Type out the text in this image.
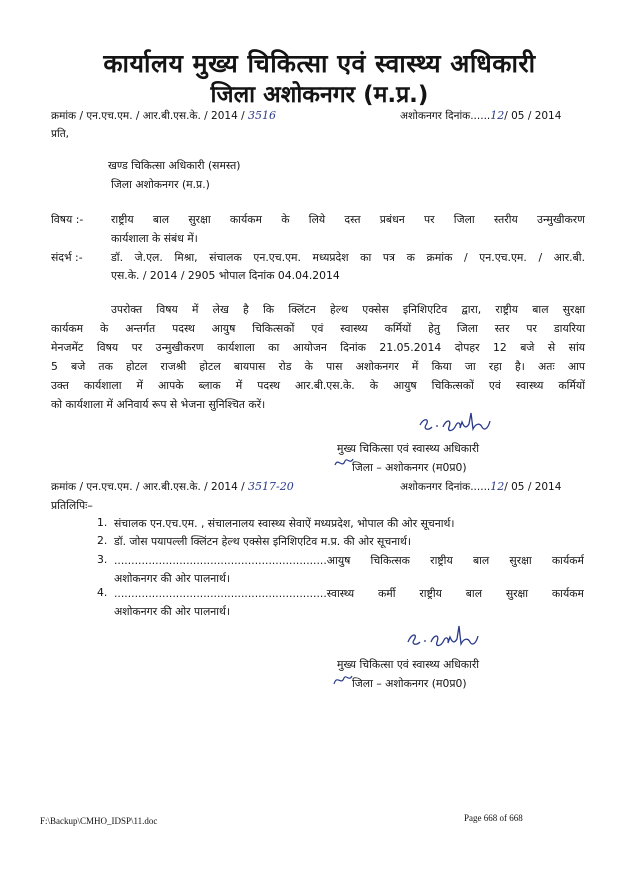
कार्यालय मुख्य चिकित्सा एवं स्वास्थ्य अधिकारी
जिला अशोकनगर (म.प्र.)
क्रमांक / एन.एच.एम. / आर.बी.एस.के. / 2014 / 3516	अशोकनगर दिनांक......12/ 05 / 2014
प्रति,
खण्ड चिकित्सा अधिकारी (समस्त)
जिला अशोकनगर (म.प्र.)
विषय :-	राष्ट्रीय बाल सुरक्षा कार्यकम के लिये दस्त प्रबंधन पर जिला स्तरीय उन्मुखीकरण
कार्यशाला के संबंध में।
संदर्भ :-	डॉ. जे.एल. मिश्रा, संचालक एन.एच.एम. मध्यप्रदेश का पत्र क क्रमांक / एन.एच.एम. / आर.बी.
एस.के. / 2014 / 2905 भोपाल दिनांक 04.04.2014
उपरोक्त विषय में लेख है कि क्लिंटन हेल्थ एक्सेस इनिशिएटिव द्वारा, राष्ट्रीय बाल सुरक्षा
कार्यकम के अन्तर्गत पदस्थ आयुष चिकित्सकों एवं स्वास्थ्य कर्मियों हेतु जिला स्तर पर डायरिया
मेनजमेंट विषय पर उन्मुखीकरण कार्यशाला का आयोजन दिनांक 21.05.2014 दोपहर 12 बजे से सांय
5 बजे तक होटल राजश्री होटल बायपास रोड के पास अशोकनगर में किया जा रहा है। अतः आप
उक्त कार्यशाला में आपके ब्लाक में पदस्थ आर.बी.एस.के. के आयुष चिकित्सकों एवं स्वास्थ्य कर्मियों
को कार्यशाला में अनिवार्य रूप से भेजना सुनिश्चित करें।
मुख्य चिकित्सा एवं स्वास्थ्य अधिकारी
जिला – अशोकनगर (म0प्र0)
क्रमांक / एन.एच.एम. / आर.बी.एस.के. / 2014 / 3517-20	अशोकनगर दिनांक......12/ 05 / 2014
प्रतिलिपिः–
1. संचालक एन.एच.एम. , संचालनालय स्वास्थ्य सेवाऐं मध्यप्रदेश, भोपाल की ओर सूचनार्थ।
2. डॉ. जोस पयापल्ली क्लिंटन हेल्थ एक्सेस इनिशिएटिव म.प्र. की ओर सूचनार्थ।
3. ..............................................................आयुष चिकित्सक राष्ट्रीय बाल सुरक्षा कार्यकर्म
अशोकनगर की ओर पालनार्थ।
4. ..............................................................स्वास्थ्य कर्मी राष्ट्रीय बाल सुरक्षा कार्यकम
अशोकनगर की ओर पालनार्थ।
मुख्य चिकित्सा एवं स्वास्थ्य अधिकारी
जिला – अशोकनगर (म0प्र0)
F:\Backup\CMHO_IDSP\11.doc	Page 668 of 668
